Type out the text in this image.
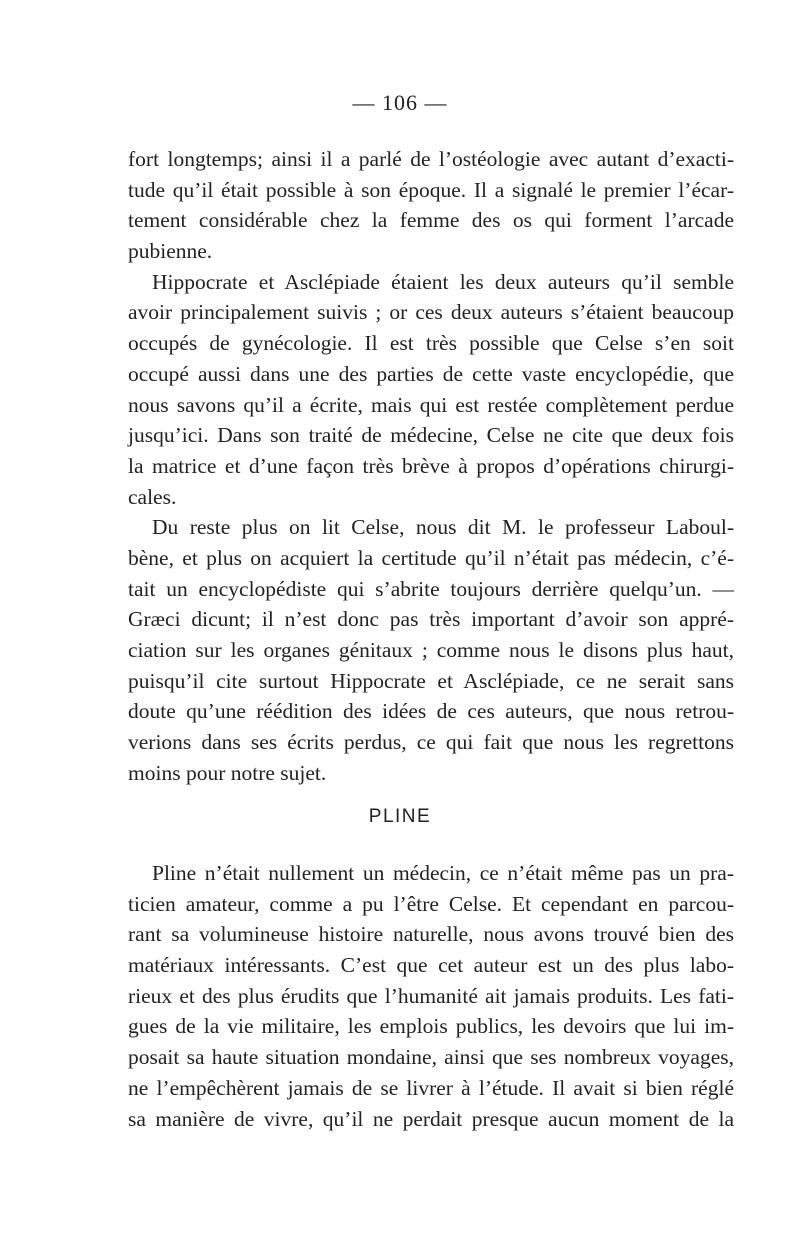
— 106 —
fort longtemps; ainsi il a parlé de l’ostéologie avec autant d’exacti-
tude qu’il était possible à son époque. Il a signalé le premier l’écar-
tement considérable chez la femme des os qui forment l’arcade
pubienne.
Hippocrate et Asclépiade étaient les deux auteurs qu’il semble
avoir principalement suivis ; or ces deux auteurs s’étaient beaucoup
occupés de gynécologie. Il est très possible que Celse s’en soit
occupé aussi dans une des parties de cette vaste encyclopédie, que
nous savons qu’il a écrite, mais qui est restée complètement perdue
jusqu’ici. Dans son traité de médecine, Celse ne cite que deux fois
la matrice et d’une façon très brève à propos d’opérations chirurgi-
cales.
Du reste plus on lit Celse, nous dit M. le professeur Laboul-
bène, et plus on acquiert la certitude qu’il n’était pas médecin, c’é-
tait un encyclopédiste qui s’abrite toujours derrière quelqu’un. —
Græci dicunt; il n’est donc pas très important d’avoir son appré-
ciation sur les organes génitaux ; comme nous le disons plus haut,
puisqu’il cite surtout Hippocrate et Asclépiade, ce ne serait sans
doute qu’une réédition des idées de ces auteurs, que nous retrou-
verions dans ses écrits perdus, ce qui fait que nous les regrettons
moins pour notre sujet.
PLINE
Pline n’était nullement un médecin, ce n’était même pas un pra-
ticien amateur, comme a pu l’être Celse. Et cependant en parcou-
rant sa volumineuse histoire naturelle, nous avons trouvé bien des
matériaux intéressants. C’est que cet auteur est un des plus labo-
rieux et des plus érudits que l’humanité ait jamais produits. Les fati-
gues de la vie militaire, les emplois publics, les devoirs que lui im-
posait sa haute situation mondaine, ainsi que ses nombreux voyages,
ne l’empêchèrent jamais de se livrer à l’étude. Il avait si bien réglé
sa manière de vivre, qu’il ne perdait presque aucun moment de la
